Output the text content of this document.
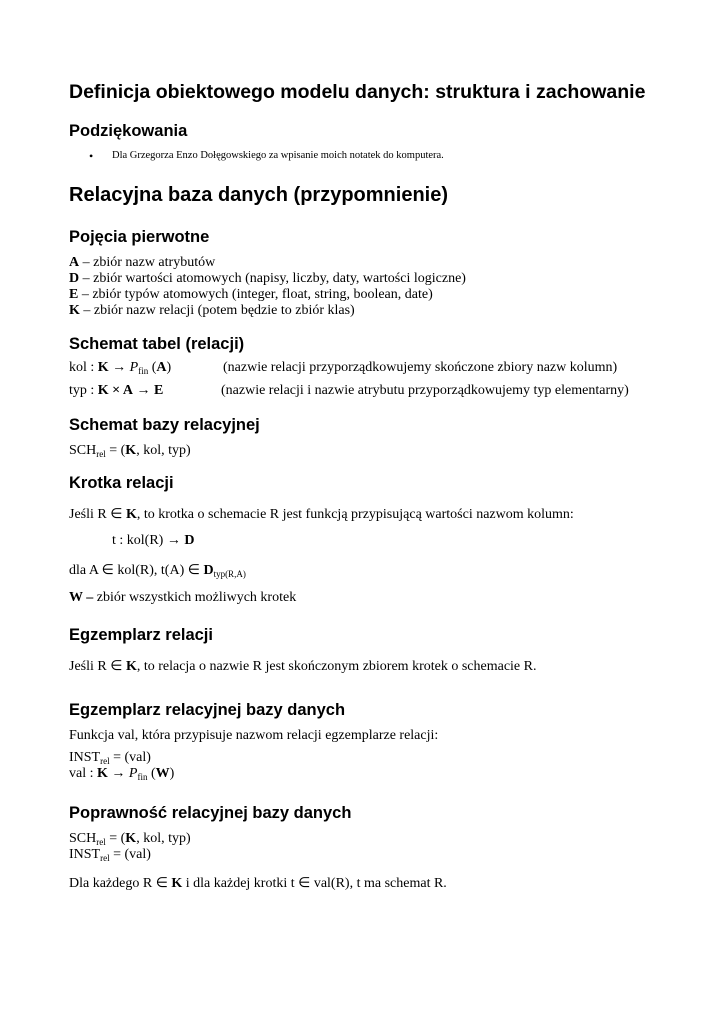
Definicja obiektowego modelu danych: struktura i zachowanie
Podziękowania
• Dla Grzegorza Enzo Dołęgowskiego za wpisanie moich notatek do komputera.
Relacyjna baza danych (przypomnienie)
Pojęcia pierwotne
A – zbiór nazw atrybutów
D – zbiór wartości atomowych (napisy, liczby, daty, wartości logiczne)
E – zbiór typów atomowych (integer, float, string, boolean, date)
K – zbiór nazw relacji (potem będzie to zbiór klas)
Schemat tabel (relacji)
kol : $K \to P_{fin}$ (A)	(nazwie relacji przyporządkowujemy skończone zbiory nazw kolumn)
typ : K × A → E	(nazwie relacji i nazwie atrybutu przyporządkowujemy typ elementarny)
Schemat bazy relacyjnej
$SCH_{rel} = (K$, kol, typ)
Krotka relacji
Jeśli R ∈ K, to krotka o schemacie R jest funkcją przypisującą wartości nazwom kolumn:
t : kol(R) → D
dla A ∈ kol(R), t(A) ∈ $D_{typ(R,A)}$
W – zbiór wszystkich możliwych krotek
Egzemplarz relacji
Jeśli R ∈ K, to relacja o nazwie R jest skończonym zbiorem krotek o schemacie R.
Egzemplarz relacyjnej bazy danych
Funkcja val, która przypisuje nazwom relacji egzemplarze relacji:
$INST_{rel} = (val)$
val : $K \to P_{fin}$ (W)
Poprawność relacyjnej bazy danych
$SCH_{rel} = (K$, kol, typ)
$INST_{rel} = (val)$
Dla każdego R ∈ K i dla każdej krotki t ∈ val(R), t ma schemat R.
